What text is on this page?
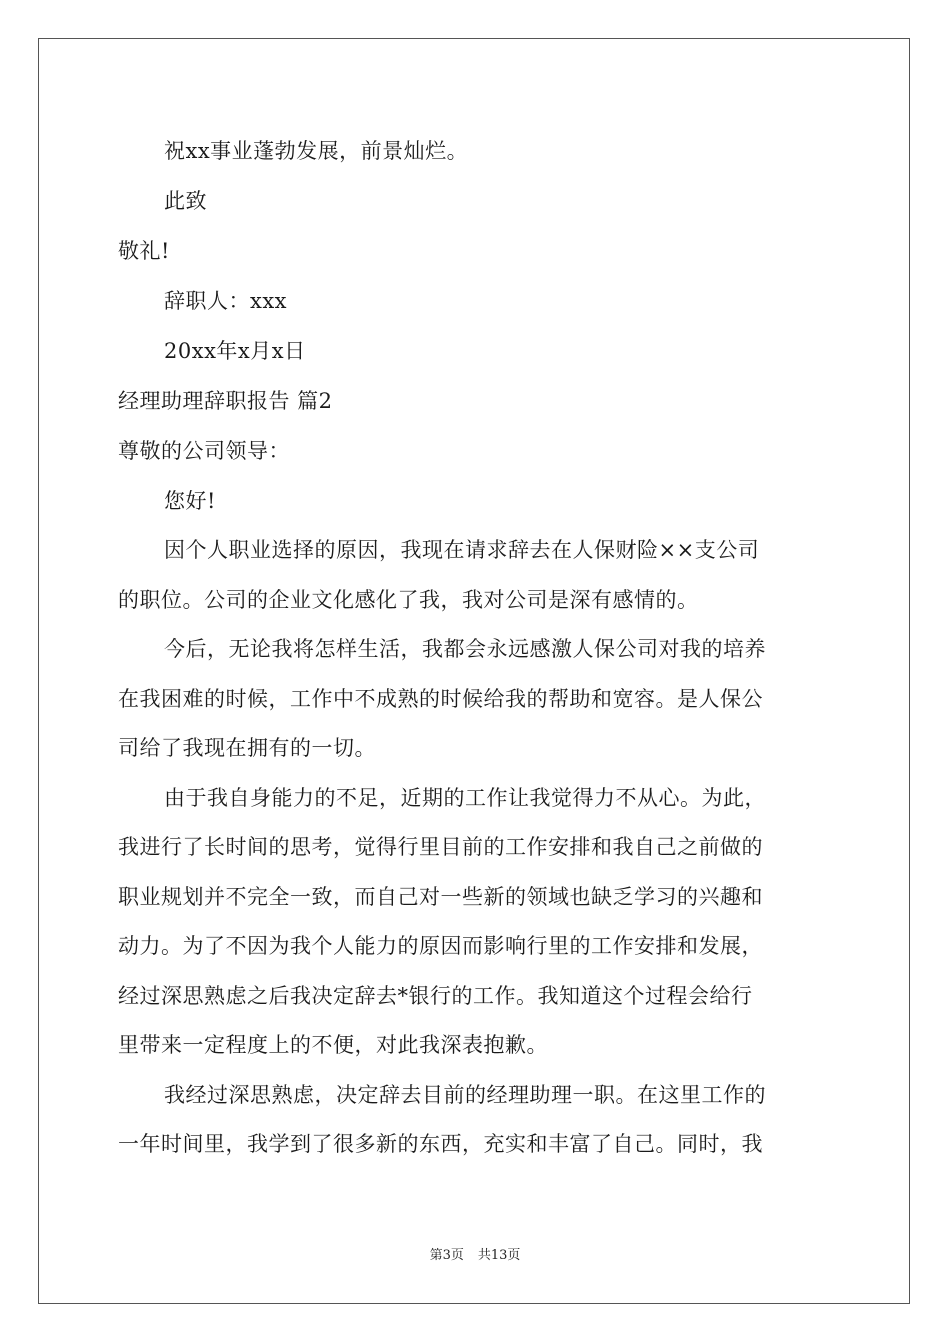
祝xx事业蓬勃发展，前景灿烂。
此致
敬礼!
辞职人：xxx
20xx年x月x日
经理助理辞职报告 篇2
尊敬的公司领导：
您好!
因个人职业选择的原因，我现在请求辞去在人保财险××支公司
的职位。公司的企业文化感化了我，我对公司是深有感情的。
今后，无论我将怎样生活，我都会永远感激人保公司对我的培养
在我困难的时候，工作中不成熟的时候给我的帮助和宽容。是人保公
司给了我现在拥有的一切。
由于我自身能力的不足，近期的工作让我觉得力不从心。为此，
我进行了长时间的思考，觉得行里目前的工作安排和我自己之前做的
职业规划并不完全一致，而自己对一些新的领域也缺乏学习的兴趣和
动力。为了不因为我个人能力的原因而影响行里的工作安排和发展，
经过深思熟虑之后我决定辞去*银行的工作。我知道这个过程会给行
里带来一定程度上的不便，对此我深表抱歉。
我经过深思熟虑，决定辞去目前的经理助理一职。在这里工作的
一年时间里，我学到了很多新的东西，充实和丰富了自己。同时，我
第3页 共13页
